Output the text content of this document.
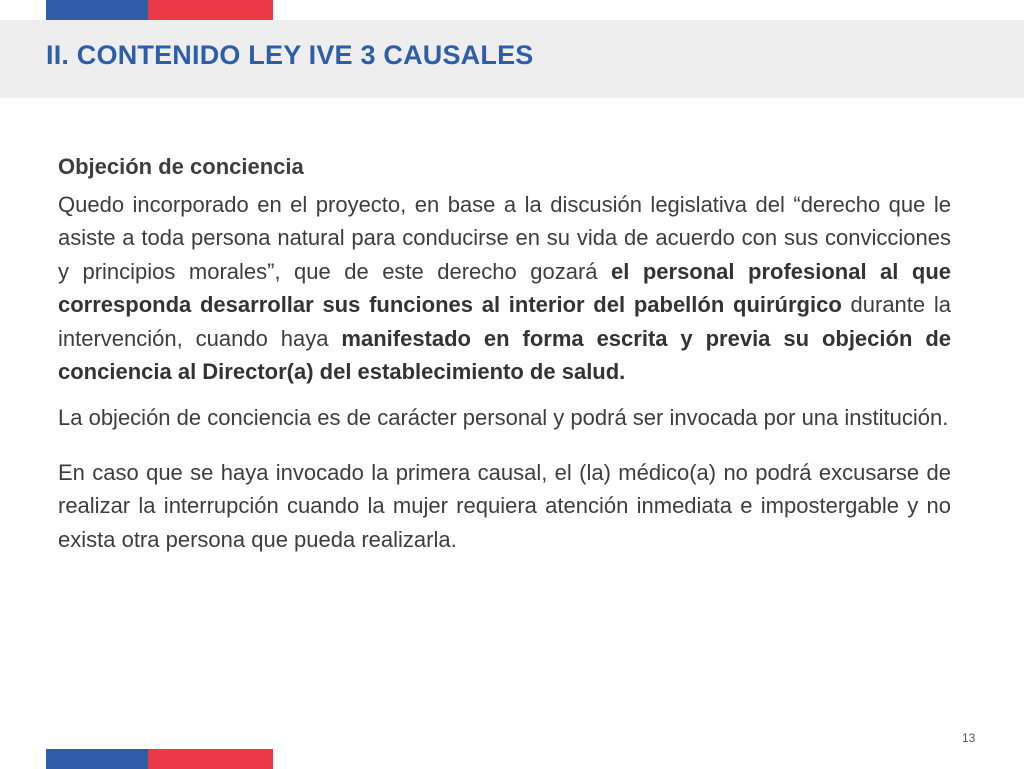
II. CONTENIDO LEY IVE 3 CAUSALES

Objeción de conciencia

Quedo incorporado en el proyecto, en base a la discusión legislativa del “derecho que le asiste a toda persona natural para conducirse en su vida de acuerdo con sus convicciones y principios morales”, que de este derecho gozará el personal profesional al que corresponda desarrollar sus funciones al interior del pabellón quirúrgico durante la intervención, cuando haya manifestado en forma escrita y previa su objeción de conciencia al Director(a) del establecimiento de salud.

La objeción de conciencia es de carácter personal y podrá ser invocada por una institución.

En caso que se haya invocado la primera causal, el (la) médico(a) no podrá excusarse de realizar la interrupción cuando la mujer requiera atención inmediata e impostergable y no exista otra persona que pueda realizarla.

13
